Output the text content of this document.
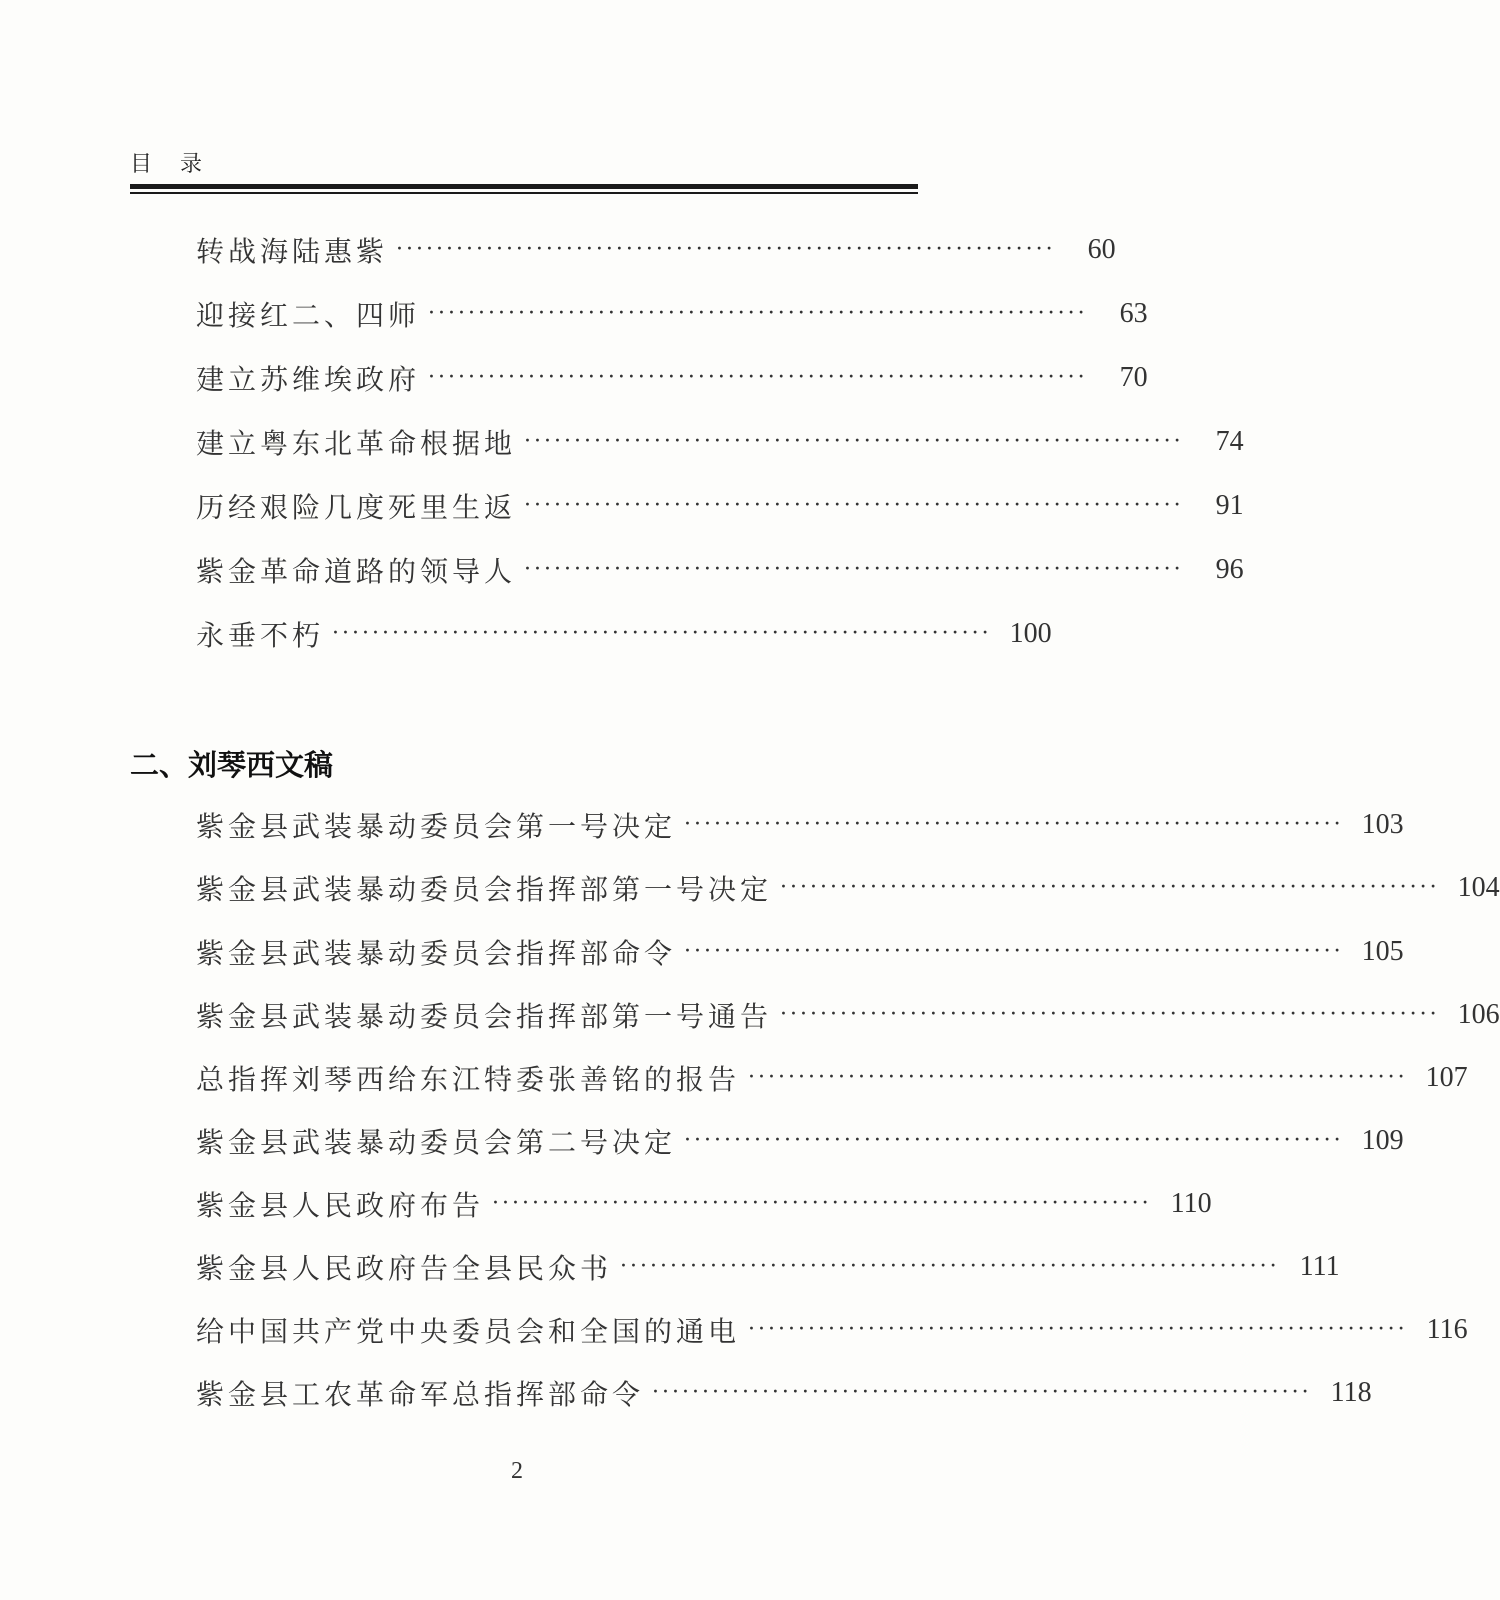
目录
转战海陆惠紫 ··································································	60
迎接红二、四师 ··································································	63
建立苏维埃政府 ··································································	70
建立粤东北革命根据地 ··································································	74
历经艰险几度死里生返 ··································································	91
紫金革命道路的领导人 ··································································	96
永垂不朽 ·································································· 100
二、刘琴西文稿
紫金县武装暴动委员会第一号决定 ·································································· 103
紫金县武装暴动委员会指挥部第一号决定 ·································································· 104
紫金县武装暴动委员会指挥部命令 ·································································· 105
紫金县武装暴动委员会指挥部第一号通告 ·································································· 106
总指挥刘琴西给东江特委张善铭的报告 ·································································· 107
紫金县武装暴动委员会第二号决定 ·································································· 109
紫金县人民政府布告 ·································································· 110
紫金县人民政府告全县民众书 ·································································· 111
给中国共产党中央委员会和全国的通电 ·································································· 116
紫金县工农革命军总指挥部命令 ·································································· 118
2
